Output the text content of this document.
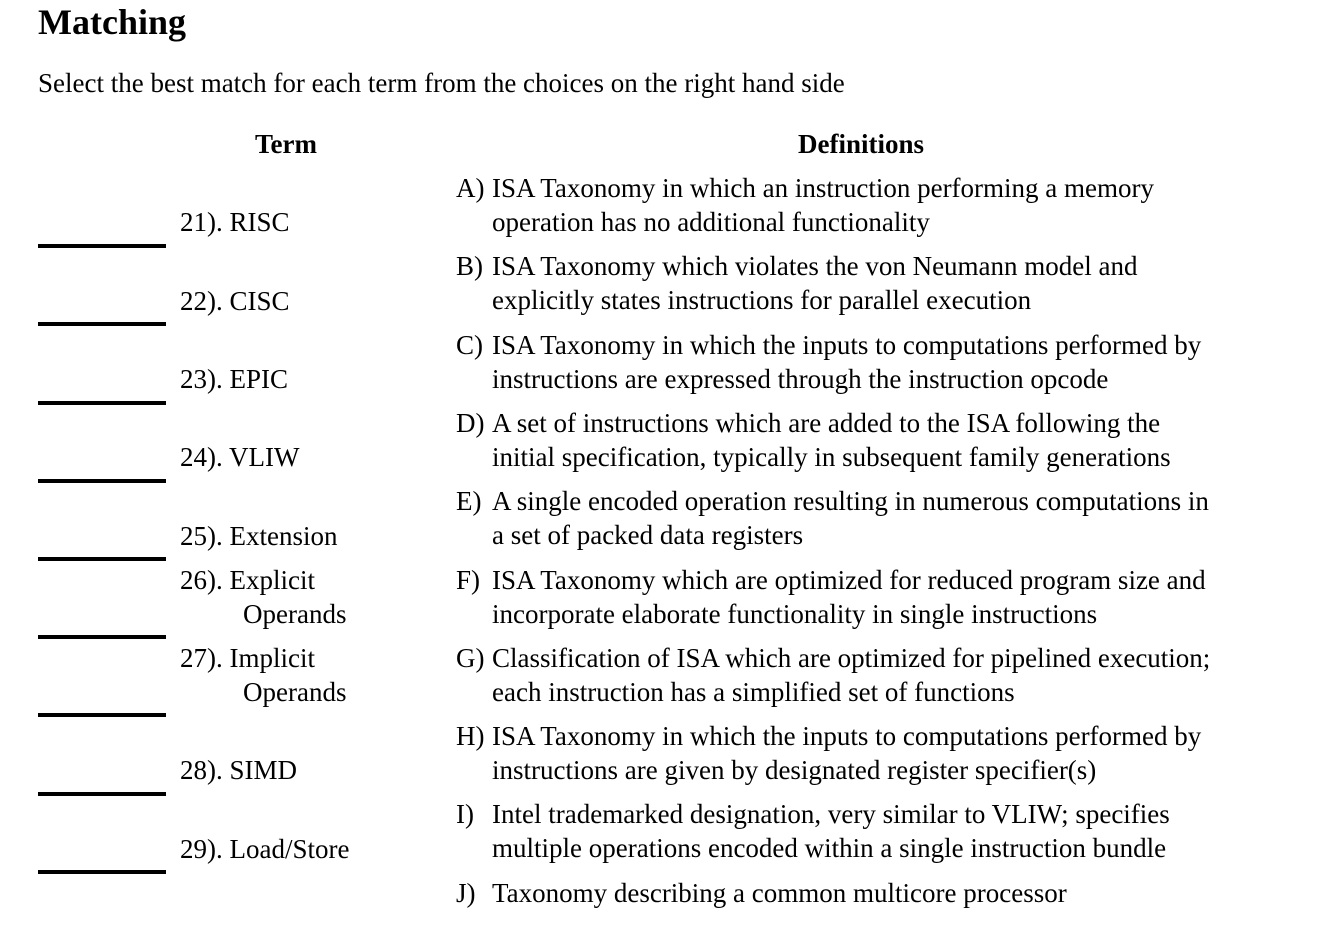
Matching
Select the best match for each term from the choices on the right hand side
Term	Definitions
21). RISC
22). CISC
23). EPIC
24). VLIW
25). Extension
26). Explicit
Operands
27). Implicit
Operands
28). SIMD
29). Load/Store
A) ISA Taxonomy in which an instruction performing a memory
operation has no additional functionality
B) ISA Taxonomy which violates the von Neumann model and
explicitly states instructions for parallel execution
C) ISA Taxonomy in which the inputs to computations performed by
instructions are expressed through the instruction opcode
D) A set of instructions which are added to the ISA following the
initial specification, typically in subsequent family generations
E) A single encoded operation resulting in numerous computations in
a set of packed data registers
F) ISA Taxonomy which are optimized for reduced program size and
incorporate elaborate functionality in single instructions
G) Classification of ISA which are optimized for pipelined execution;
each instruction has a simplified set of functions
H) ISA Taxonomy in which the inputs to computations performed by
instructions are given by designated register specifier(s)
I) Intel trademarked designation, very similar to VLIW; specifies
multiple operations encoded within a single instruction bundle
J) Taxonomy describing a common multicore processor
